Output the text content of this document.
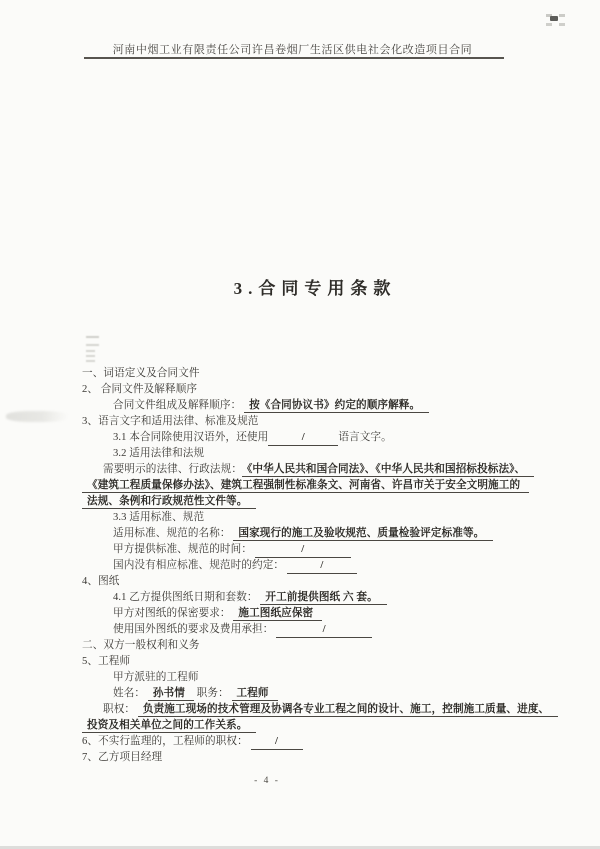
河南中烟工业有限责任公司许昌卷烟厂生活区供电社会化改造项目合同
3.合同专用条款
一、词语定义及合同文件
2、 合同文件及解释顺序
合同文件组成及解释顺序： 按《合同协议书》约定的顺序解释。
3、语言文字和适用法律、标准及规范
3.1 本合同除使用汉语外，还使用	/	语言文字。
3.2 适用法律和法规
需要明示的法律、行政法规： 《中华人民共和国合同法》、《中华人民共和国招标投标法》、
《建筑工程质量保修办法》、建筑工程强制性标准条文、河南省、许昌市关于安全文明施工的
法规、条例和行政规范性文件等。
3.3 适用标准、规范
适用标准、规范的名称： 国家现行的施工及验收规范、质量检验评定标准等。
甲方提供标准、规范的时间：	/
国内没有相应标准、规范时的约定：	/
4、图纸
4.1 乙方提供图纸日期和套数： 开工前提供图纸 六 套。
甲方对图纸的保密要求： 施工图纸应保密
使用国外图纸的要求及费用承担：	/
二、双方一般权利和义务
5、工程师
甲方派驻的工程师
姓名： 孙书情 职务： 工程师
职权： 负责施工现场的技术管理及协调各专业工程之间的设计、施工，控制施工质量、进度、
投资及相关单位之间的工作关系。
6、不实行监理的，工程师的职权： /
7、乙方项目经理
- 4 -
